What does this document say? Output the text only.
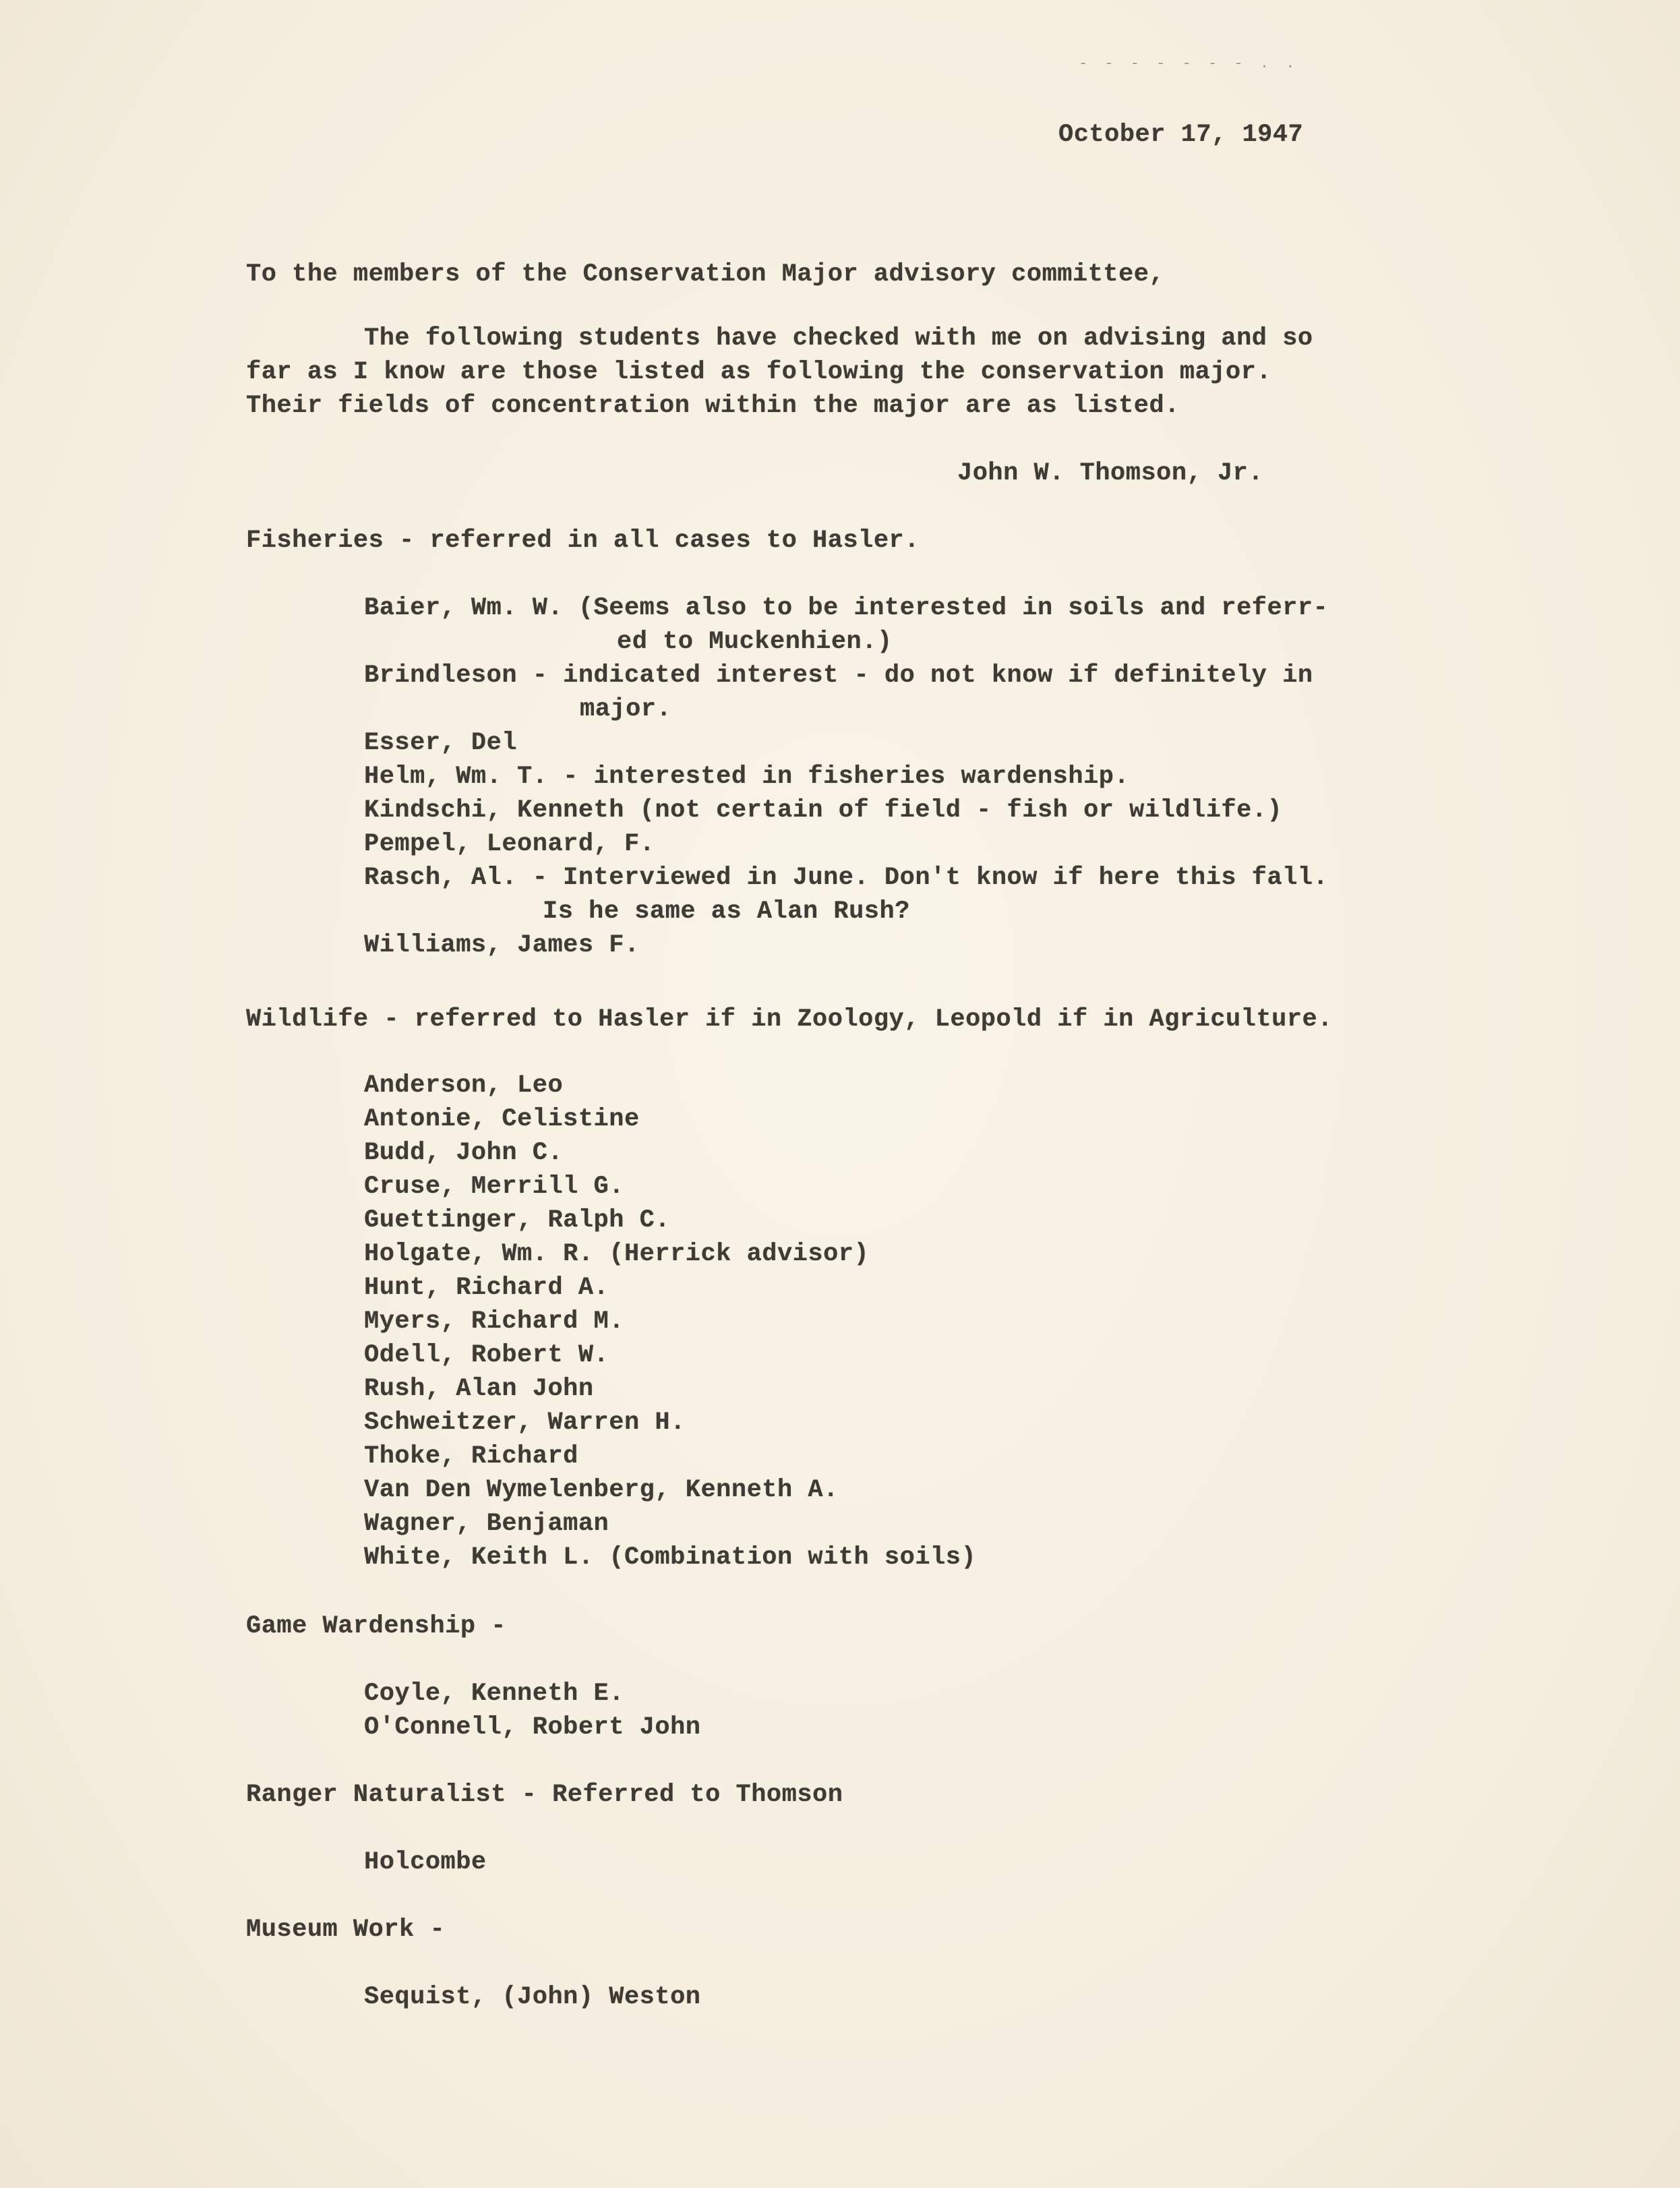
- - - - - - - . .
October 17, 1947
To the members of the Conservation Major advisory committee,
The following students have checked with me on advising and so
far as I know are those listed as following the conservation major.
Their fields of concentration within the major are as listed.
John W. Thomson, Jr.
Fisheries - referred in all cases to Hasler.
Baier, Wm. W. (Seems also to be interested in soils and referr-
ed to Muckenhien.)
Brindleson - indicated interest - do not know if definitely in
major.
Esser, Del
Helm, Wm. T. - interested in fisheries wardenship.
Kindschi, Kenneth (not certain of field - fish or wildlife.)
Pempel, Leonard, F.
Rasch, Al. - Interviewed in June. Don't know if here this fall.
Is he same as Alan Rush?
Williams, James F.
Wildlife - referred to Hasler if in Zoology, Leopold if in Agriculture.
Anderson, Leo
Antonie, Celistine
Budd, John C.
Cruse, Merrill G.
Guettinger, Ralph C.
Holgate, Wm. R. (Herrick advisor)
Hunt, Richard A.
Myers, Richard M.
Odell, Robert W.
Rush, Alan John
Schweitzer, Warren H.
Thoke, Richard
Van Den Wymelenberg, Kenneth A.
Wagner, Benjaman
White, Keith L. (Combination with soils)
Game Wardenship -
Coyle, Kenneth E.
O'Connell, Robert John
Ranger Naturalist - Referred to Thomson
Holcombe
Museum Work -
Sequist, (John) Weston
